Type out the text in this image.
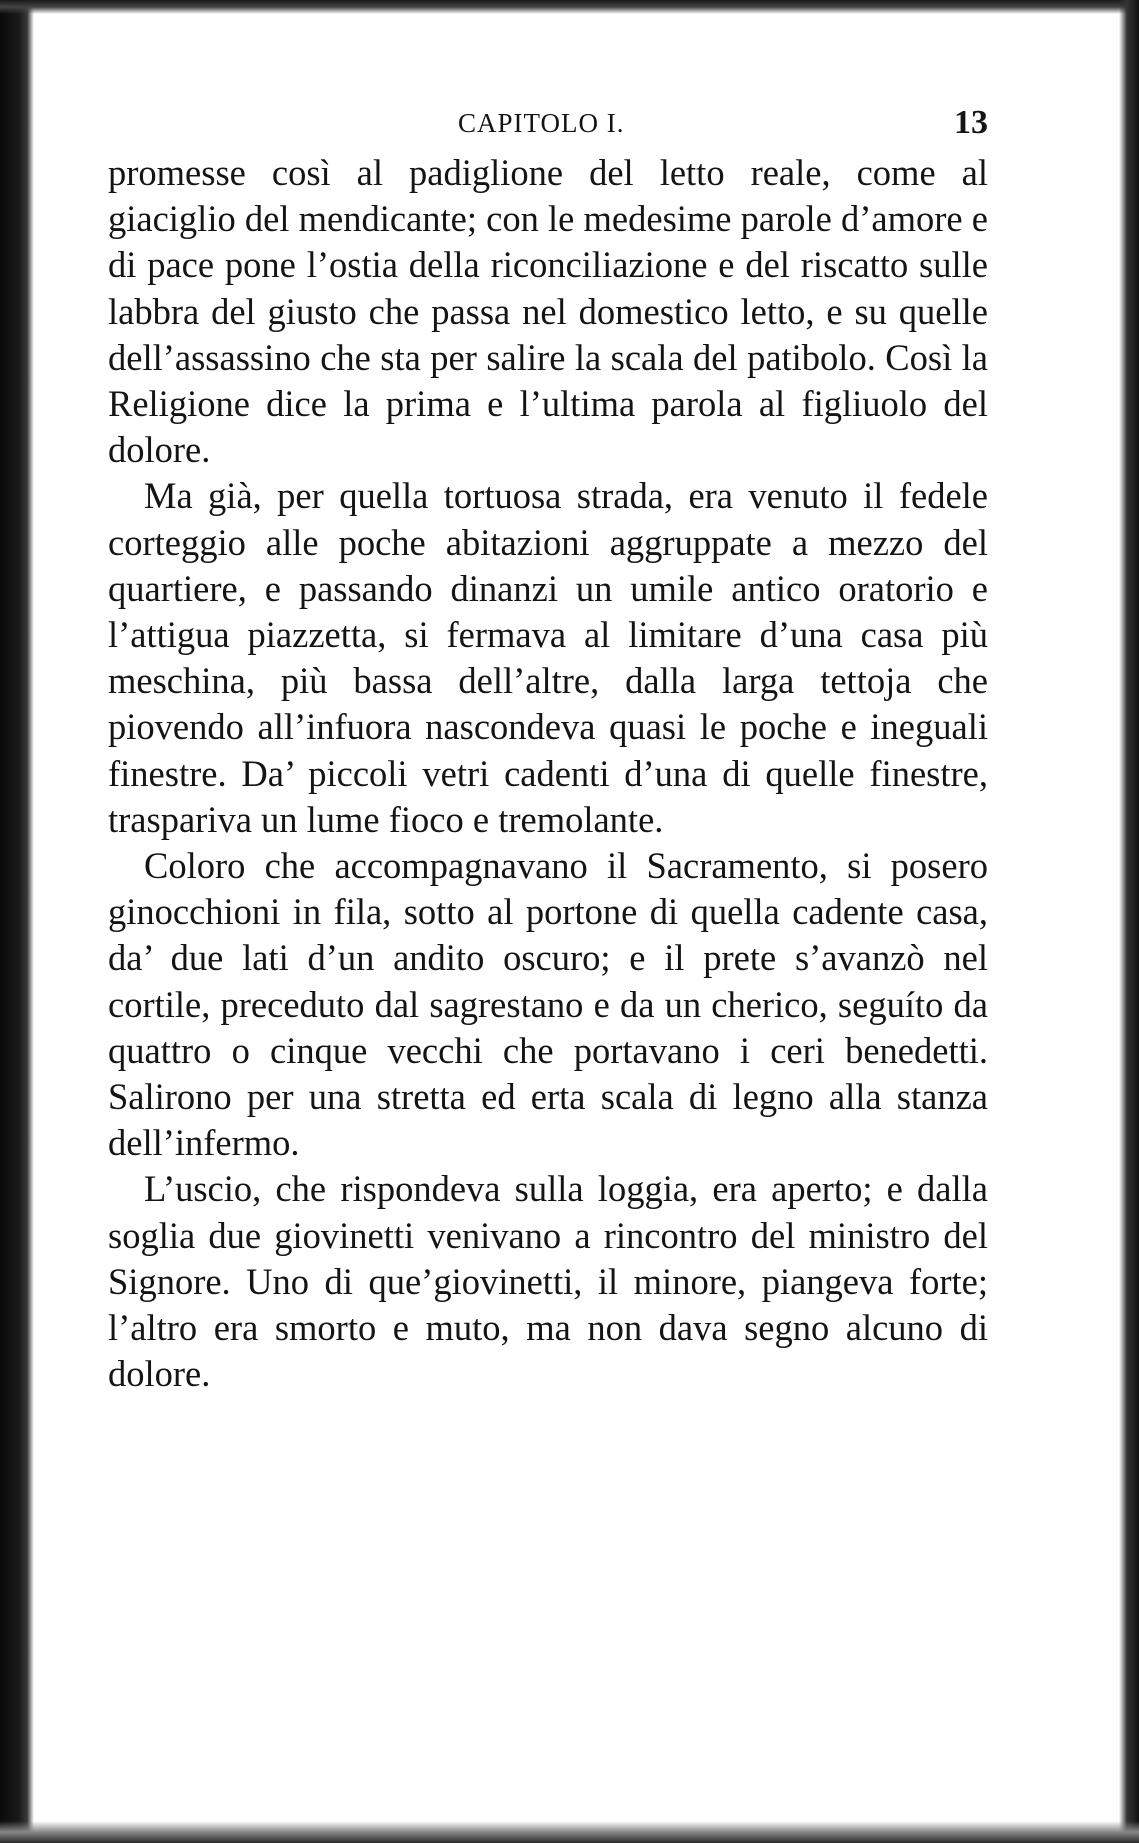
CAPITOLO I.	13

promesse così al padiglione del letto reale, come al giaciglio del mendicante; con le medesime parole d’amore e di pace pone l’ostia della riconciliazione e del riscatto sulle labbra del giusto che passa nel domestico letto, e su quelle dell’assassino che sta per salire la scala del patibolo. Così la Religione dice la prima e l’ultima parola al figliuolo del dolore.

Ma già, per quella tortuosa strada, era venuto il fedele corteggio alle poche abitazioni aggruppate a mezzo del quartiere, e passando dinanzi un umile antico oratorio e l’attigua piazzetta, si fermava al limitare d’una casa più meschina, più bassa dell’altre, dalla larga tettoja che piovendo all’infuora nascondeva quasi le poche e ineguali finestre. Da’ piccoli vetri cadenti d’una di quelle finestre, traspariva un lume fioco e tremolante.

Coloro che accompagnavano il Sacramento, si posero ginocchioni in fila, sotto al portone di quella cadente casa, da’ due lati d’un andito oscuro; e il prete s’avanzò nel cortile, preceduto dal sagrestano e da un cherico, seguíto da quattro o cinque vecchi che portavano i ceri benedetti. Salirono per una stretta ed erta scala di legno alla stanza dell’infermo.

L’uscio, che rispondeva sulla loggia, era aperto; e dalla soglia due giovinetti venivano a rincontro del ministro del Signore. Uno di que’giovinetti, il minore, piangeva forte; l’altro era smorto e muto, ma non dava segno alcuno di dolore.
